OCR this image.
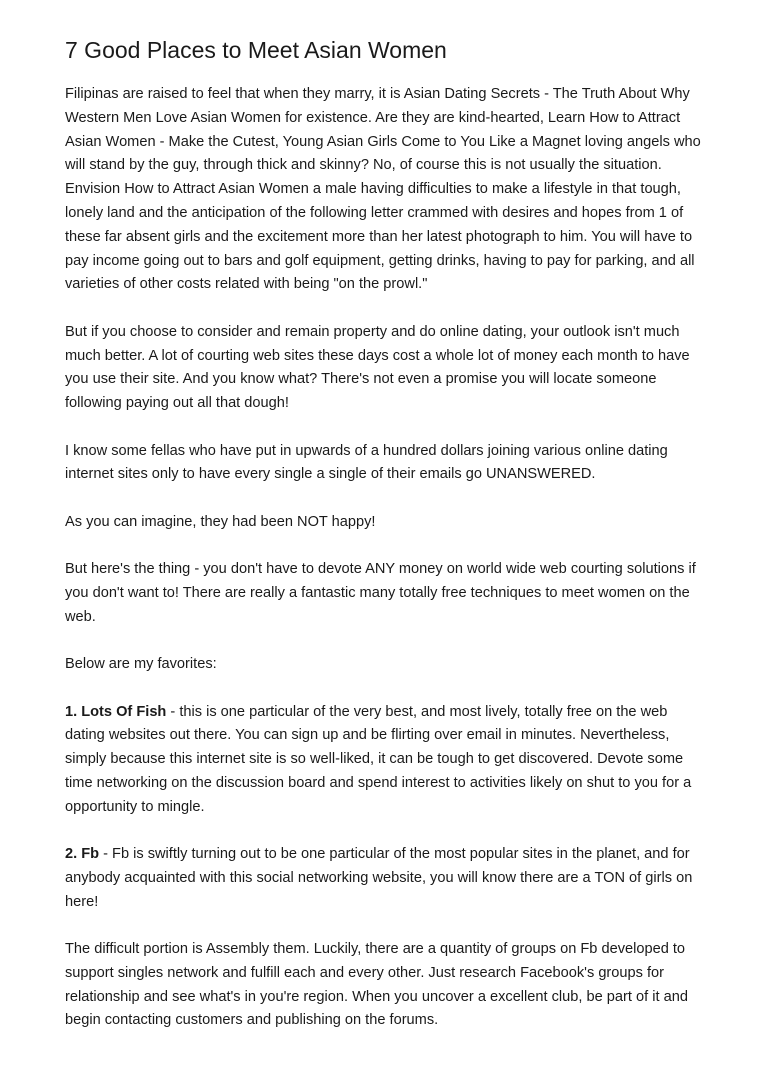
7 Good Places to Meet Asian Women

Filipinas are raised to feel that when they marry, it is Asian Dating Secrets - The Truth About Why Western Men Love Asian Women for existence. Are they are kind-hearted, Learn How to Attract Asian Women - Make the Cutest, Young Asian Girls Come to You Like a Magnet loving angels who will stand by the guy, through thick and skinny? No, of course this is not usually the situation. Envision How to Attract Asian Women a male having difficulties to make a lifestyle in that tough, lonely land and the anticipation of the following letter crammed with desires and hopes from 1 of these far absent girls and the excitement more than her latest photograph to him. You will have to pay income going out to bars and golf equipment, getting drinks, having to pay for parking, and all varieties of other costs related with being "on the prowl."

But if you choose to consider and remain property and do online dating, your outlook isn't much much better. A lot of courting web sites these days cost a whole lot of money each month to have you use their site. And you know what? There's not even a promise you will locate someone following paying out all that dough!

I know some fellas who have put in upwards of a hundred dollars joining various online dating internet sites only to have every single a single of their emails go UNANSWERED.

As you can imagine, they had been NOT happy!

But here's the thing - you don't have to devote ANY money on world wide web courting solutions if you don't want to! There are really a fantastic many totally free techniques to meet women on the web.

Below are my favorites:

1. Lots Of Fish - this is one particular of the very best, and most lively, totally free on the web dating websites out there. You can sign up and be flirting over email in minutes. Nevertheless, simply because this internet site is so well-liked, it can be tough to get discovered. Devote some time networking on the discussion board and spend interest to activities likely on shut to you for a opportunity to mingle.

2. Fb - Fb is swiftly turning out to be one particular of the most popular sites in the planet, and for anybody acquainted with this social networking website, you will know there are a TON of girls on here!

The difficult portion is Assembly them. Luckily, there are a quantity of groups on Fb developed to support singles network and fulfill each and every other. Just research Facebook's groups for relationship and see what's in you're region. When you uncover a excellent club, be part of it and begin contacting customers and publishing on the forums.
